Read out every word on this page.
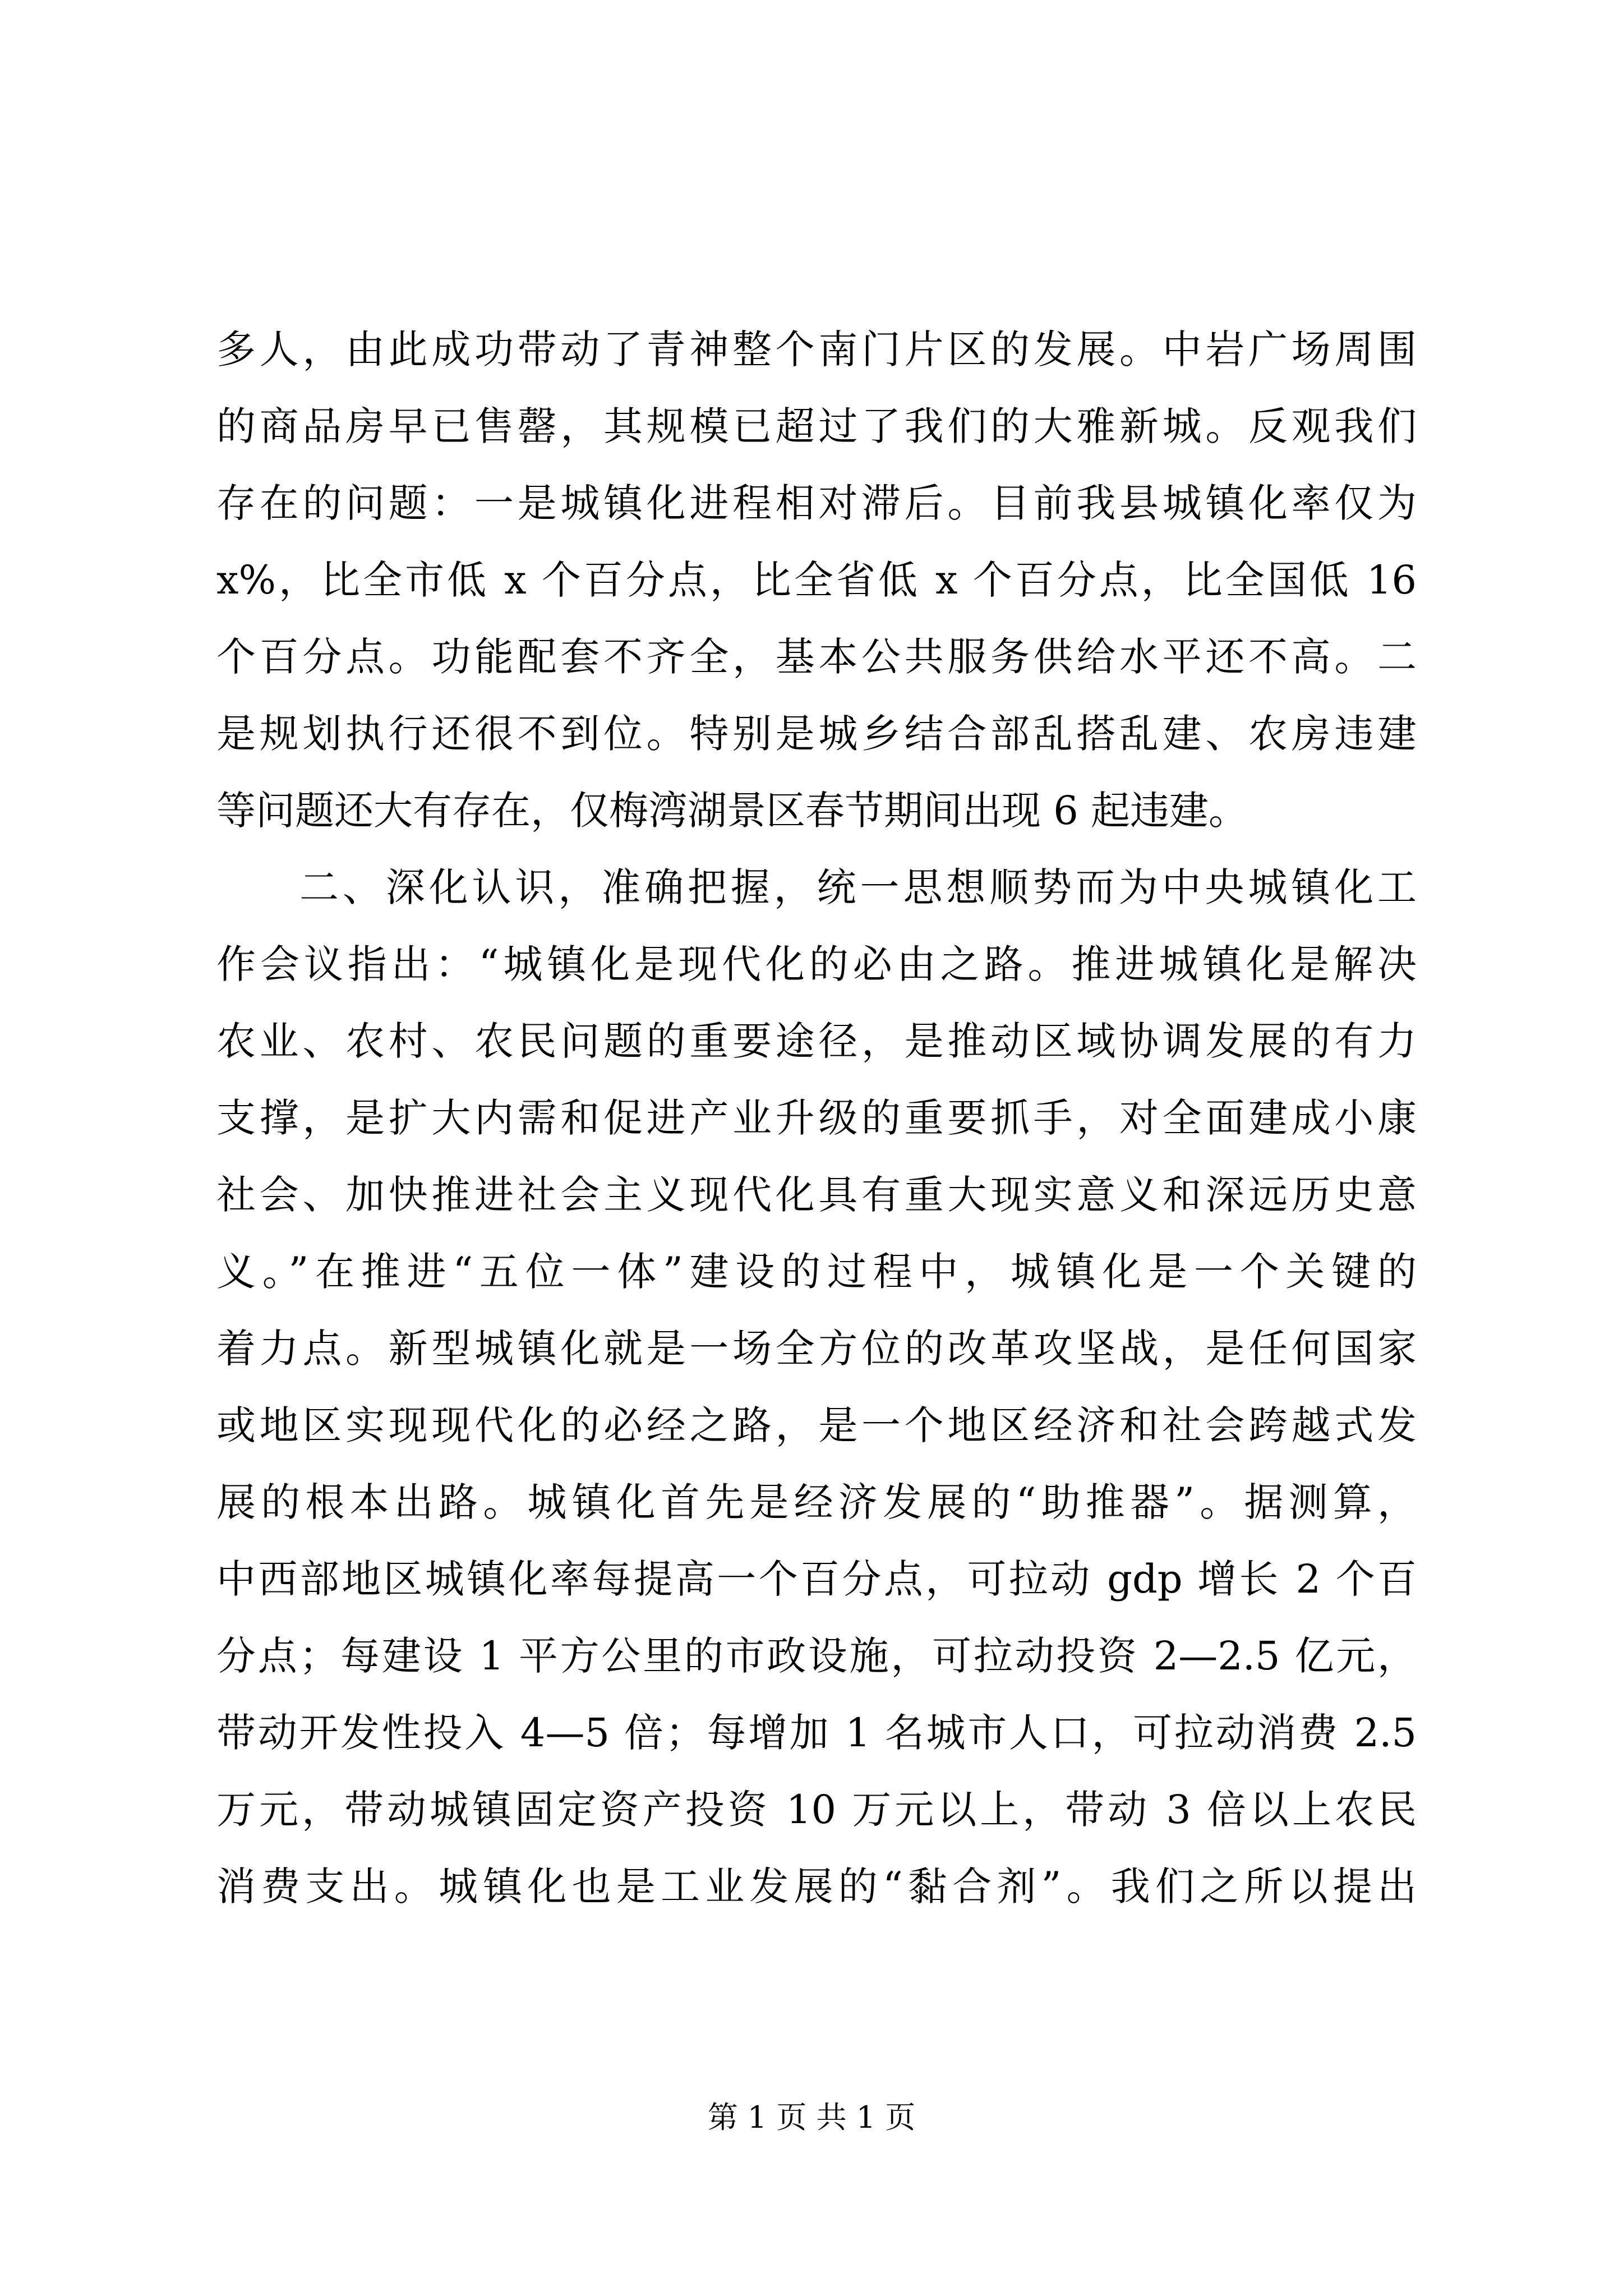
多人，由此成功带动了青神整个南门片区的发展。中岩广场周围
的商品房早已售罄，其规模已超过了我们的大雅新城。反观我们
存在的问题：一是城镇化进程相对滞后。目前我县城镇化率仅为
x%，比全市低 x 个百分点，比全省低 x 个百分点，比全国低 16
个百分点。功能配套不齐全，基本公共服务供给水平还不高。二
是规划执行还很不到位。特别是城乡结合部乱搭乱建、农房违建
等问题还大有存在，仅梅湾湖景区春节期间出现 6 起违建。
二、深化认识，准确把握，统一思想顺势而为中央城镇化工
作会议指出：“城镇化是现代化的必由之路。推进城镇化是解决
农业、农村、农民问题的重要途径，是推动区域协调发展的有力
支撑，是扩大内需和促进产业升级的重要抓手，对全面建成小康
社会、加快推进社会主义现代化具有重大现实意义和深远历史意
义。”在推进“五位一体”建设的过程中，城镇化是一个关键的
着力点。新型城镇化就是一场全方位的改革攻坚战，是任何国家
或地区实现现代化的必经之路，是一个地区经济和社会跨越式发
展的根本出路。城镇化首先是经济发展的“助推器”。据测算，
中西部地区城镇化率每提高一个百分点，可拉动 gdp 增长 2 个百
分点；每建设 1 平方公里的市政设施，可拉动投资 2—2.5 亿元，
带动开发性投入 4—5 倍；每增加 1 名城市人口，可拉动消费 2.5
万元，带动城镇固定资产投资 10 万元以上，带动 3 倍以上农民
消费支出。城镇化也是工业发展的“黏合剂”。我们之所以提出
第 1 页 共 1 页
